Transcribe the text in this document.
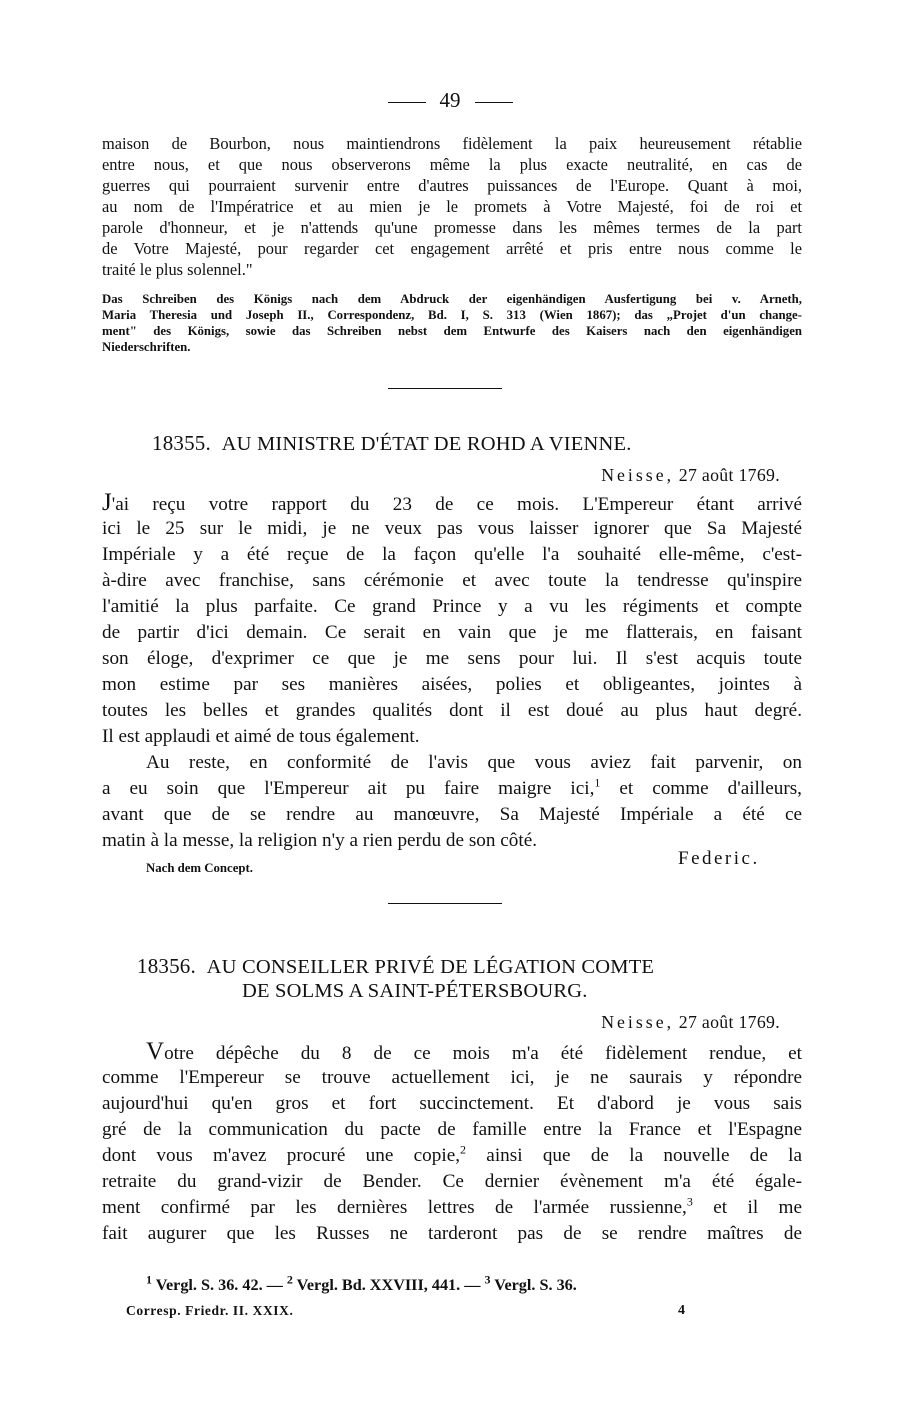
49

maison de Bourbon, nous maintiendrons fidèlement la paix heureusement rétablie

entre nous, et que nous observerons même la plus exacte neutralité, en cas de

guerres qui pourraient survenir entre d'autres puissances de l'Europe. Quant à moi,

au nom de l'Impératrice et au mien je le promets à Votre Majesté, foi de roi et

parole d'honneur, et je n'attends qu'une promesse dans les mêmes termes de la part

de Votre Majesté, pour regarder cet engagement arrêté et pris entre nous comme le

traité le plus solennel."

Das Schreiben des Königs nach dem Abdruck der eigenhändigen Ausfertigung bei v. Arneth,

Maria Theresia und Joseph II., Correspondenz, Bd. I, S. 313 (Wien 1867); das „Projet d'un change-

ment" des Königs, sowie das Schreiben nebst dem Entwurfe des Kaisers nach den eigenhändigen

Niederschriften.

18355. AU MINISTRE D'ÉTAT DE ROHD A VIENNE.
Neisse, 27 août 1769.

J'ai reçu votre rapport du 23 de ce mois. L'Empereur étant arrivé

ici le 25 sur le midi, je ne veux pas vous laisser ignorer que Sa Majesté

Impériale y a été reçue de la façon qu'elle l'a souhaité elle-même, c'est-

à-dire avec franchise, sans cérémonie et avec toute la tendresse qu'inspire

l'amitié la plus parfaite. Ce grand Prince y a vu les régiments et compte

de partir d'ici demain. Ce serait en vain que je me flatterais, en faisant

son éloge, d'exprimer ce que je me sens pour lui. Il s'est acquis toute

mon estime par ses manières aisées, polies et obligeantes, jointes à

toutes les belles et grandes qualités dont il est doué au plus haut degré.

Il est applaudi et aimé de tous également.

Au reste, en conformité de l'avis que vous aviez fait parvenir, on

a eu soin que l'Empereur ait pu faire maigre ici,$^1$ et comme d'ailleurs,

avant que de se rendre au manœuvre, Sa Majesté Impériale a été ce

matin à la messe, la religion n'y a rien perdu de son côté.

Federic.
Nach dem Concept.
18356. AU CONSEILLER PRIVÉ DE LÉGATION COMTE
DE SOLMS A SAINT-PÉTERSBOURG.
Neisse, 27 août 1769.

Votre dépêche du 8 de ce mois m'a été fidèlement rendue, et

comme l'Empereur se trouve actuellement ici, je ne saurais y répondre

aujourd'hui qu'en gros et fort succinctement. Et d'abord je vous sais

gré de la communication du pacte de famille entre la France et l'Espagne

dont vous m'avez procuré une copie,$^2$ ainsi que de la nouvelle de la

retraite du grand-vizir de Bender. Ce dernier évènement m'a été égale-

ment confirmé par les dernières lettres de l'armée russienne,$^3$ et il me

fait augurer que les Russes ne tarderont pas de se rendre maîtres de

$^1$ Vergl. S. 36. 42. — $^2$ Vergl. Bd. XXVIII, 441. — $^3$ Vergl. S. 36.
Corresp. Friedr. II. XXIX.	4
